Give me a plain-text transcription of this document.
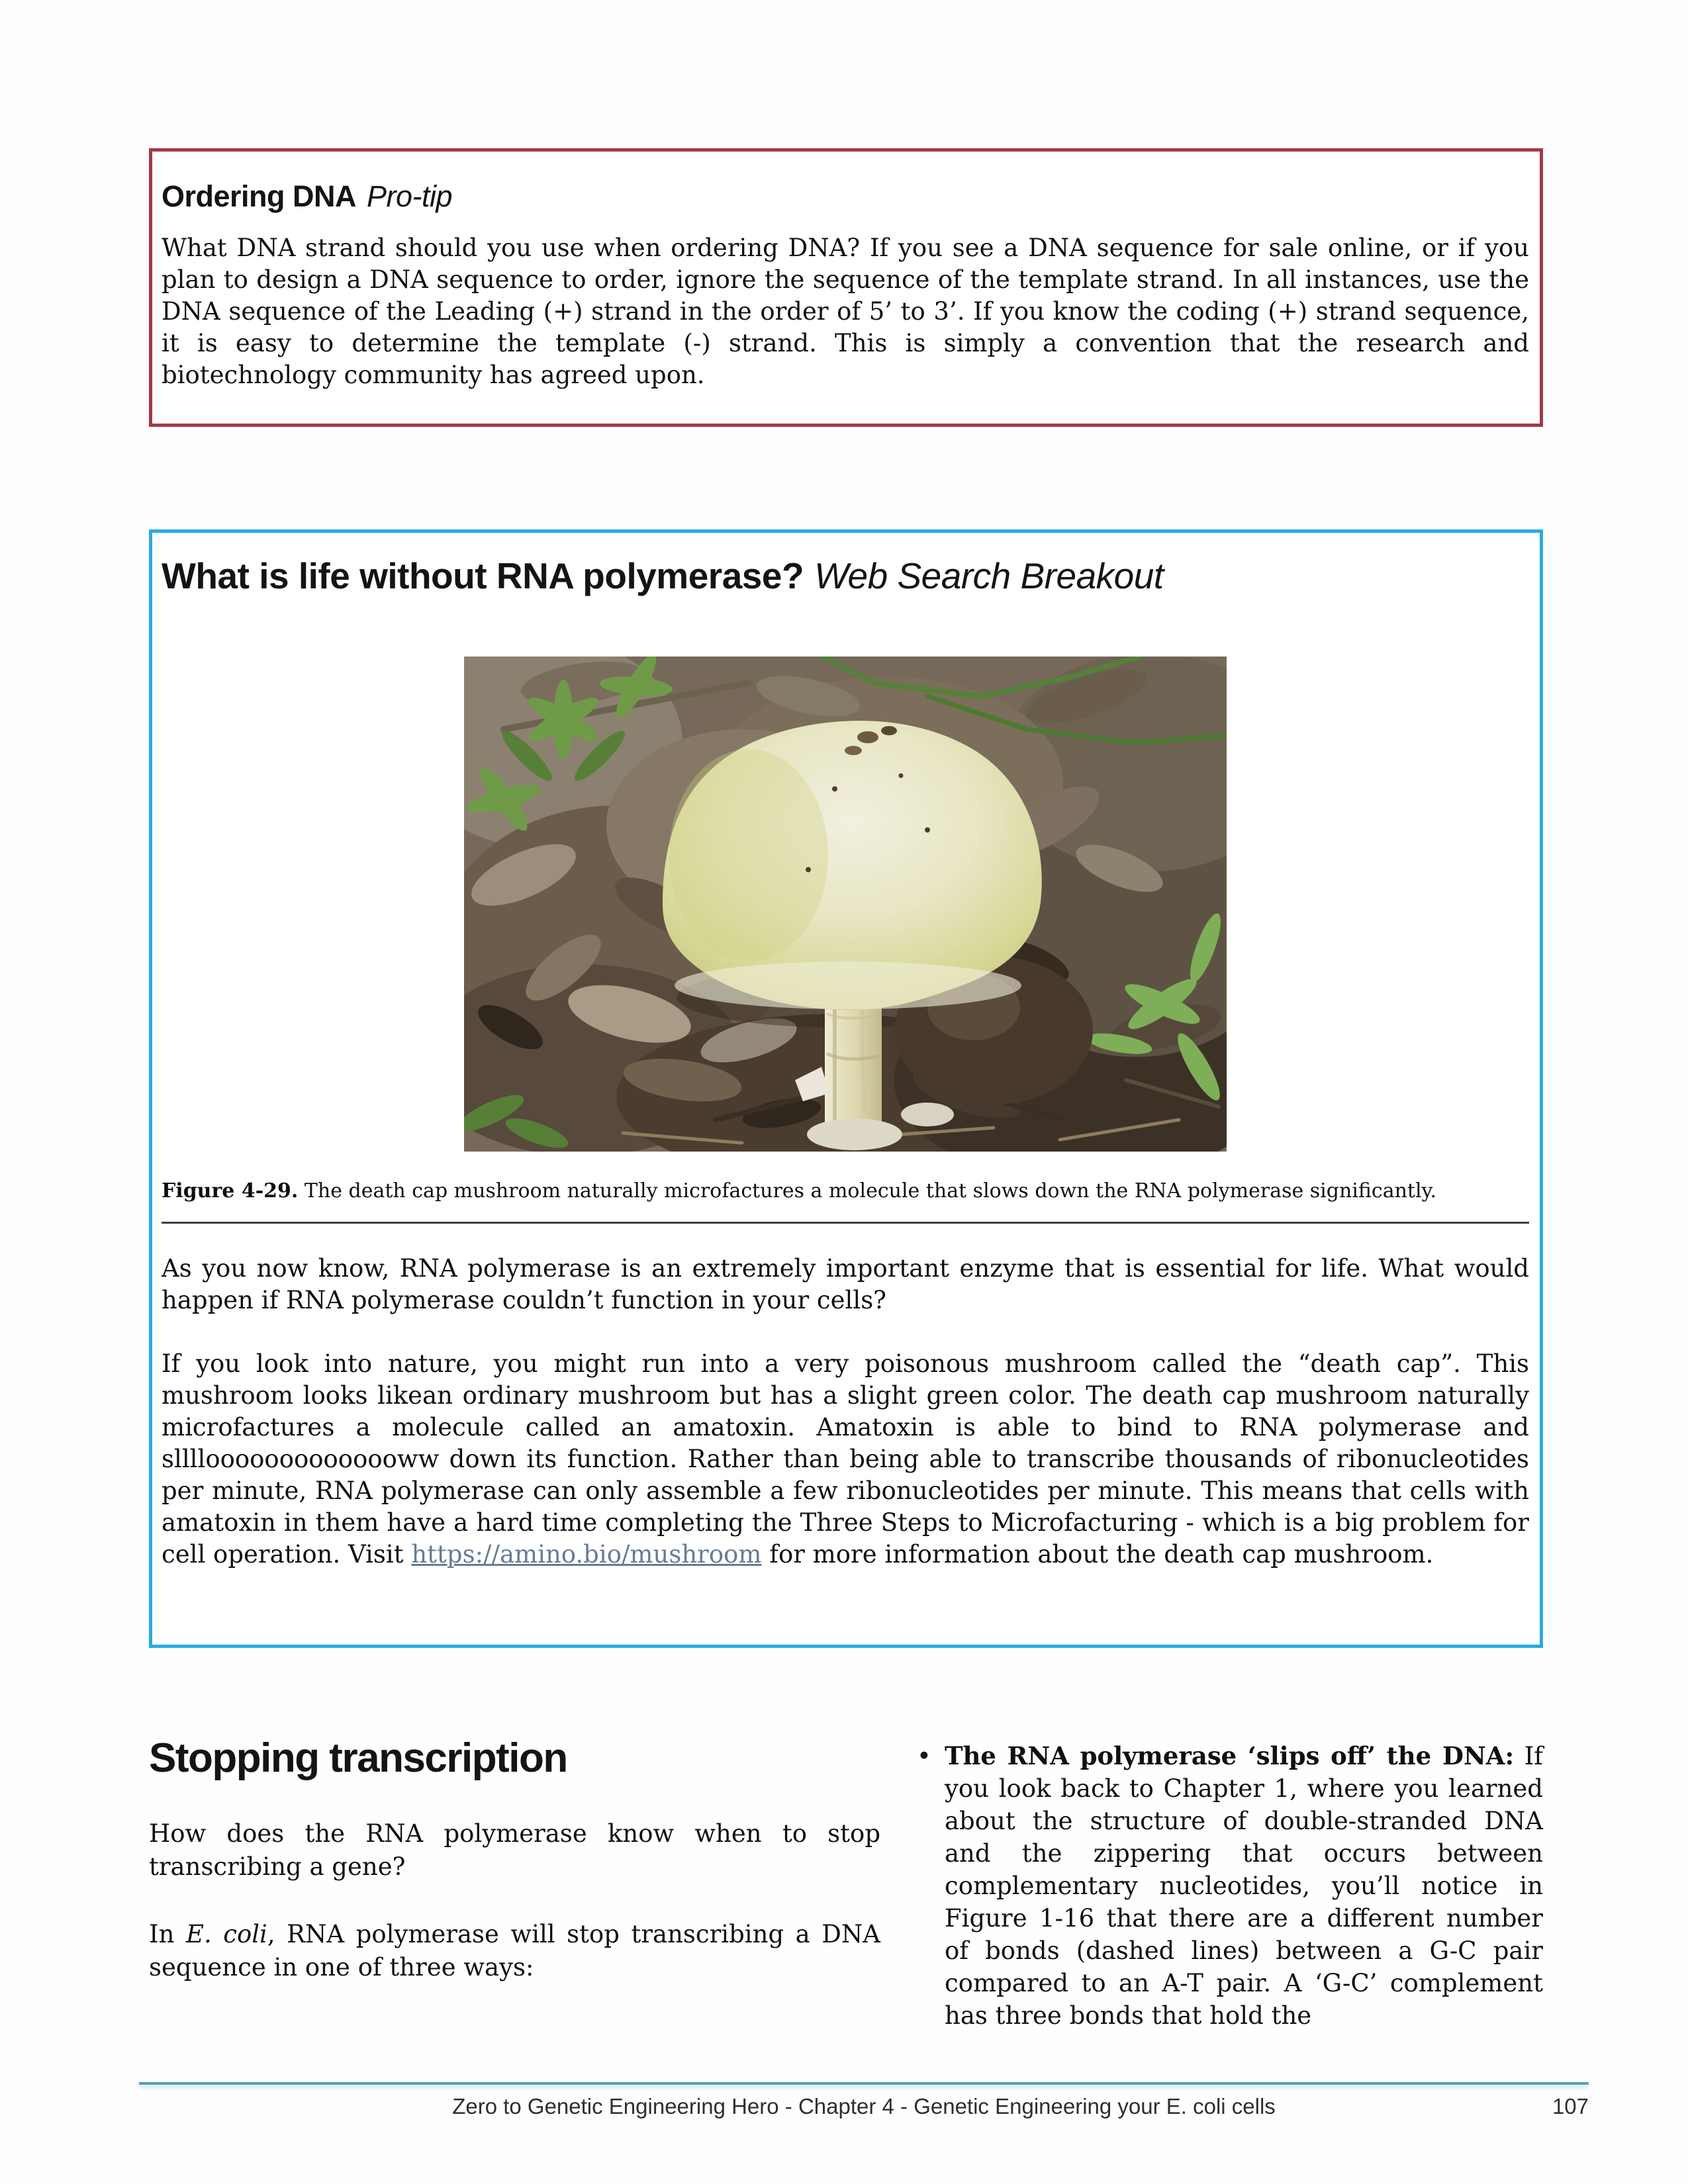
Ordering DNA Pro-tip

What DNA strand should you use when ordering DNA? If you see a DNA sequence for sale online, or if you plan to design a DNA sequence to order, ignore the sequence of the template strand. In all instances, use the DNA sequence of the Leading (+) strand in the order of 5’ to 3’. If you know the coding (+) strand sequence, it is easy to determine the template (-) strand. This is simply a convention that the research and biotechnology community has agreed upon.

What is life without RNA polymerase? Web Search Breakout
Figure 4-29. The death cap mushroom naturally microfactures a molecule that slows down the RNA polymerase significantly.

As you now know, RNA polymerase is an extremely important enzyme that is essential for life. What would happen if RNA polymerase couldn’t function in your cells?

If you look into nature, you might run into a very poisonous mushroom called the “death cap”. This mushroom looks likean ordinary mushroom but has a slight green color. The death cap mushroom naturally microfactures a molecule called an amatoxin. Amatoxin is able to bind to RNA polymerase and slllloooooooooooooww down its function. Rather than being able to transcribe thousands of ribonucleotides per minute, RNA polymerase can only assemble a few ribonucleotides per minute. This means that cells with amatoxin in them have a hard time completing the Three Steps to Microfacturing - which is a big problem for cell operation. Visit https://amino.bio/mushroom for more information about the death cap mushroom.

Stopping transcription

How does the RNA polymerase know when to stop transcribing a gene?

In E. coli, RNA polymerase will stop transcribing a DNA sequence in one of three ways:

• The RNA polymerase ‘slips off’ the DNA: If you look back to Chapter 1, where you learned about the structure of double-stranded DNA and the zippering that occurs between complementary nucleotides, you’ll notice in Figure 1-16 that there are a different number of bonds (dashed lines) between a G-C pair compared to an A-T pair. A ‘G-C’ complement has three bonds that hold the

Zero to Genetic Engineering Hero - Chapter 4 - Genetic Engineering your E. coli cells	107
